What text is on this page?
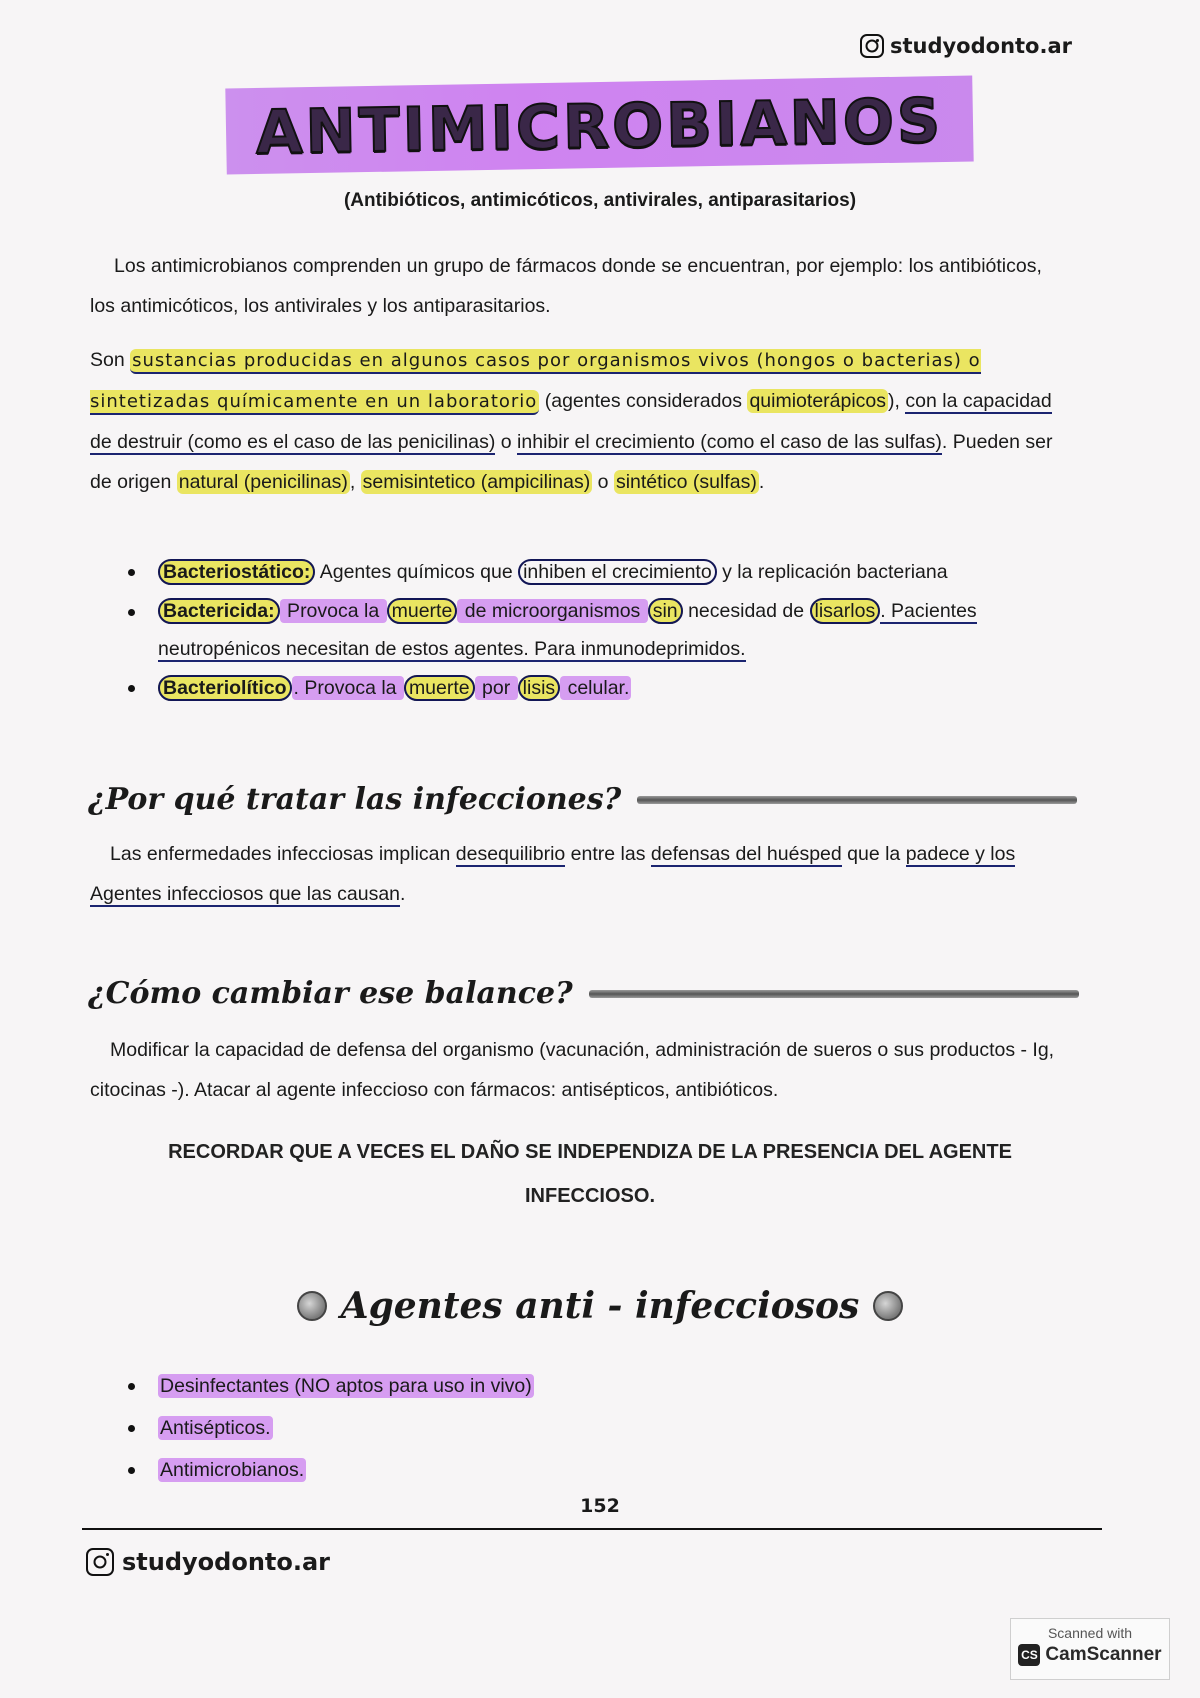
studyodonto.ar
ANTIMICROBIANOS
(Antibióticos, antimicóticos, antivirales, antiparasitarios)
Los antimicrobianos comprenden un grupo de fármacos donde se encuentran, por ejemplo: los antibióticos, los antimicóticos, los antivirales y los antiparasitarios.
Son sustancias producidas en algunos casos por organismos vivos (hongos o bacterias) o sintetizadas químicamente en un laboratorio (agentes considerados quimioterápicos ), con la capacidad de destruir (como es el caso de las penicilinas) o inhibir el crecimiento (como el caso de las sulfas). Pueden ser de origen natural (penicilinas) , semisintetico (ampicilinas) o sintético (sulfas) .
Bacteriostático: Agentes químicos que inhiben el crecimiento y la replicación bacteriana
Bactericida: Provoca la muerte de microorganismos sin necesidad de lisarlos . Pacientes neutropénicos necesitan de estos agentes. Para inmunodeprimidos.
Bacteriolítico . Provoca la muerte por lisis celular.
¿Por qué tratar las infecciones?
Las enfermedades infecciosas implican desequilibrio entre las defensas del huésped que la padece y los Agentes infecciosos que las causan.
¿Cómo cambiar ese balance?
Modificar la capacidad de defensa del organismo (vacunación, administración de sueros o sus productos - Ig, citocinas -). Atacar al agente infeccioso con fármacos: antisépticos, antibióticos.
RECORDAR QUE A VECES EL DAÑO SE INDEPENDIZA DE LA PRESENCIA DEL AGENTE INFECCIOSO.
Agentes anti - infecciosos
Desinfectantes (NO aptos para uso in vivo)
Antisépticos.
Antimicrobianos.
152
studyodonto.ar
Scanned with
CS CamScanner
